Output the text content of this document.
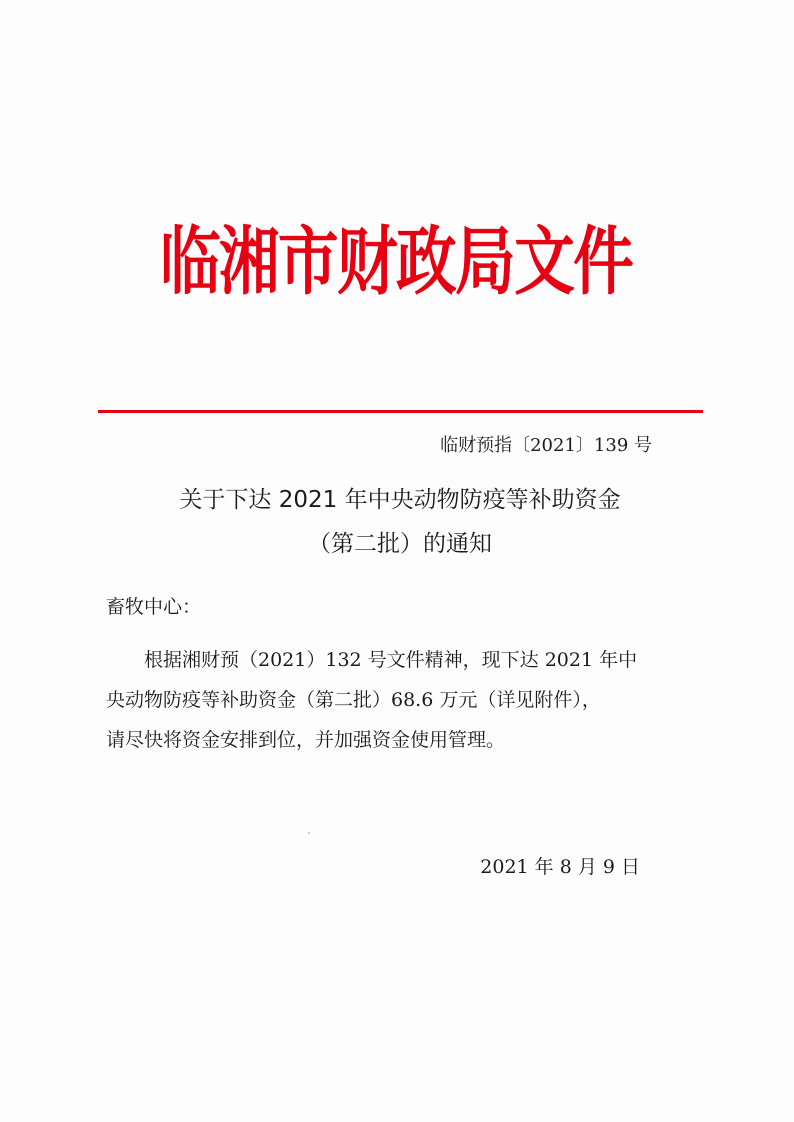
临湘市财政局文件
临财预指〔2021〕139 号
关于下达 2021 年中央动物防疫等补助资金
（第二批）的通知
畜牧中心：
根据湘财预（2021）132 号文件精神，现下达 2021 年中
央动物防疫等补助资金（第二批）68.6 万元（详见附件），
请尽快将资金安排到位，并加强资金使用管理。
2021 年 8 月 9 日
